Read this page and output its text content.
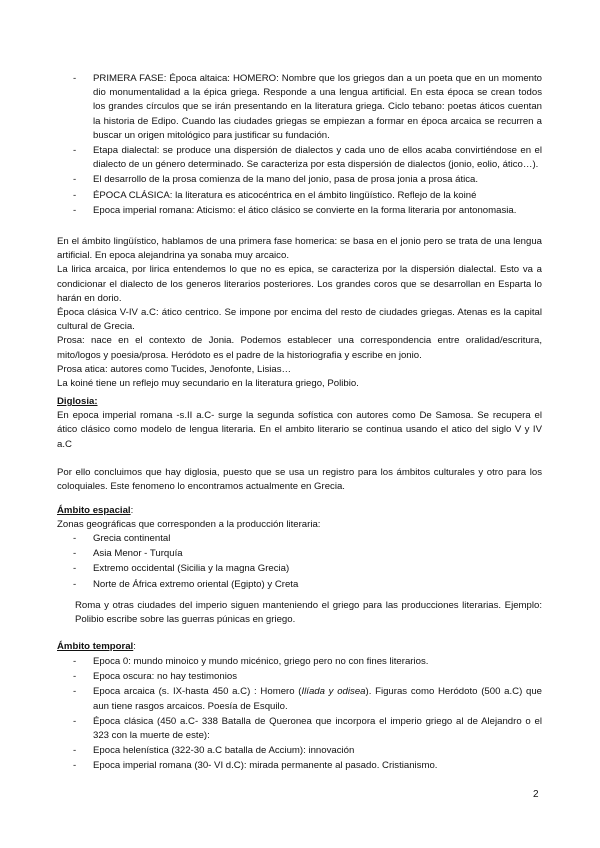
- PRIMERA FASE: Época altaica: HOMERO: Nombre que los griegos dan a un poeta que en un momento dio monumentalidad a la épica griega. Responde a una lengua artificial. En esta época se crean todos los grandes círculos que se irán presentando en la literatura griega. Ciclo tebano: poetas áticos cuentan la historia de Edipo. Cuando las ciudades griegas se empiezan a formar en época arcaica se recurren a buscar un origen mitológico para justificar su fundación.
- Etapa dialectal: se produce una dispersión de dialectos y cada uno de ellos acaba convirtiéndose en el dialecto de un género determinado. Se caracteriza por esta dispersión de dialectos (jonio, eolio, ático…).
- El desarrollo de la prosa comienza de la mano del jonio, pasa de prosa jonia a prosa ática.
- ÉPOCA CLÁSICA: la literatura es aticocéntrica en el ámbito lingüístico. Reflejo de la koiné
- Epoca imperial romana: Aticismo: el ático clásico se convierte en la forma literaria por antonomasia.

En el ámbito lingüístico, hablamos de una primera fase homerica: se basa en el jonio pero se trata de una lengua artificial. En epoca alejandrina ya sonaba muy arcaico.

La lirica arcaica, por lirica entendemos lo que no es epica, se caracteriza por la dispersión dialectal. Esto va a condicionar el dialecto de los generos literarios posteriores. Los grandes coros que se desarrollan en Esparta lo harán en dorio.

Época clásica V-IV a.C: ático centrico. Se impone por encima del resto de ciudades griegas. Atenas es la capital cultural de Grecia.

Prosa: nace en el contexto de Jonia. Podemos establecer una correspondencia entre oralidad/escritura, mito/logos y poesia/prosa. Heródoto es el padre de la historiografia y escribe en jonio.

Prosa atica: autores como Tucides, Jenofonte, Lisias…

La koiné tiene un reflejo muy secundario en la literatura griego, Polibio.

Diglosia:

En epoca imperial romana -s.II a.C- surge la segunda sofística con autores como De Samosa. Se recupera el ático clásico como modelo de lengua literaria. En el ambito literario se continua usando el atico del siglo V y IV a.C

Por ello concluimos que hay diglosia, puesto que se usa un registro para los ámbitos culturales y otro para los coloquiales. Este fenomeno lo encontramos actualmente en Grecia.

Ámbito espacial:

Zonas geográficas que corresponden a la producción literaria:

- Grecia continental
- Asia Menor - Turquía
- Extremo occidental (Sicilia y la magna Grecia)
- Norte de África extremo oriental (Egipto) y Creta

Roma y otras ciudades del imperio siguen manteniendo el griego para las producciones literarias. Ejemplo: Polibio escribe sobre las guerras púnicas en griego.

Ámbito temporal:

- Epoca 0: mundo minoico y mundo micénico, griego pero no con fines literarios.
- Epoca oscura: no hay testimonios
- Epoca arcaica (s. IX-hasta 450 a.C) : Homero (Ilíada y odisea). Figuras como Heródoto (500 a.C) que aun tiene rasgos arcaicos. Poesía de Esquilo.
- Época clásica (450 a.C- 338 Batalla de Queronea que incorpora el imperio griego al de Alejandro o el 323 con la muerte de este):
- Epoca helenística (322-30 a.C batalla de Accium): innovación
- Epoca imperial romana (30- VI d.C): mirada permanente al pasado. Cristianismo.
2
